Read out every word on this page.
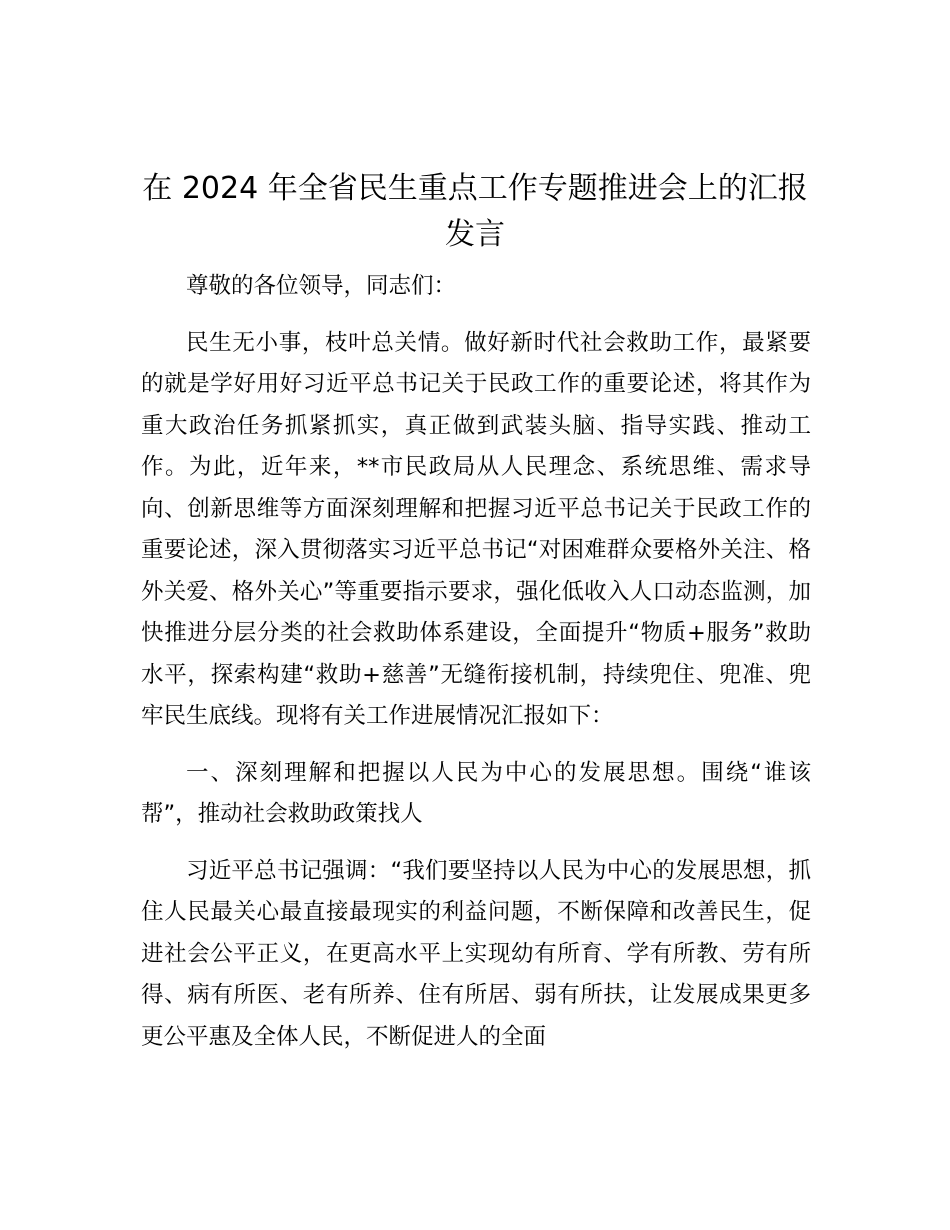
在 2024 年全省民生重点工作专题推进会上的汇报发言

尊敬的各位领导，同志们：

民生无小事，枝叶总关情。做好新时代社会救助工作，最紧要的就是学好用好习近平总书记关于民政工作的重要论述，将其作为重大政治任务抓紧抓实，真正做到武装头脑、指导实践、推动工作。为此，近年来，**市民政局从人民理念、系统思维、需求导向、创新思维等方面深刻理解和把握习近平总书记关于民政工作的重要论述，深入贯彻落实习近平总书记“对困难群众要格外关注、格外关爱、格外关心”等重要指示要求，强化低收入人口动态监测，加快推进分层分类的社会救助体系建设，全面提升“物质+服务”救助水平，探索构建“救助+慈善”无缝衔接机制，持续兜住、兜准、兜牢民生底线。现将有关工作进展情况汇报如下：

一、深刻理解和把握以人民为中心的发展思想。围绕“谁该帮”，推动社会救助政策找人

习近平总书记强调：“我们要坚持以人民为中心的发展思想，抓住人民最关心最直接最现实的利益问题，不断保障和改善民生，促进社会公平正义，在更高水平上实现幼有所育、学有所教、劳有所得、病有所医、老有所养、住有所居、弱有所扶，让发展成果更多更公平惠及全体人民，不断促进人的全面
